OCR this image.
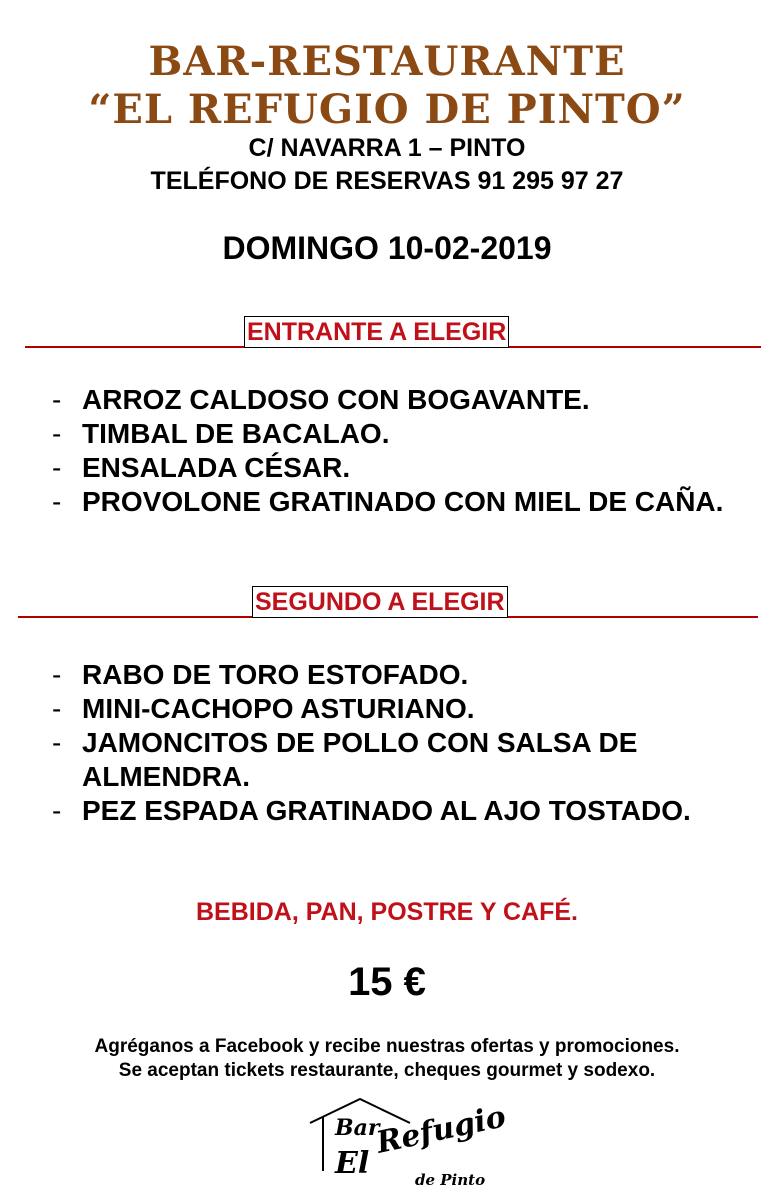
BAR-RESTAURANTE
“EL REFUGIO DE PINTO”
C/ NAVARRA 1 – PINTO
TELÉFONO DE RESERVAS 91 295 97 27
DOMINGO 10-02-2019
ENTRANTE A ELEGIR
- ARROZ CALDOSO CON BOGAVANTE.
- TIMBAL DE BACALAO.
- ENSALADA CÉSAR.
- PROVOLONE GRATINADO CON MIEL DE CAÑA.
SEGUNDO A ELEGIR
- RABO DE TORO ESTOFADO.
- MINI-CACHOPO ASTURIANO.
- JAMONCITOS DE POLLO CON SALSA DE ALMENDRA.
- PEZ ESPADA GRATINADO AL AJO TOSTADO.
BEBIDA, PAN, POSTRE Y CAFÉ.
15 €
Agréganos a Facebook y recibe nuestras ofertas y promociones.
Se aceptan tickets restaurante, cheques gourmet y sodexo.
Bar
El
Refugio
de Pinto
